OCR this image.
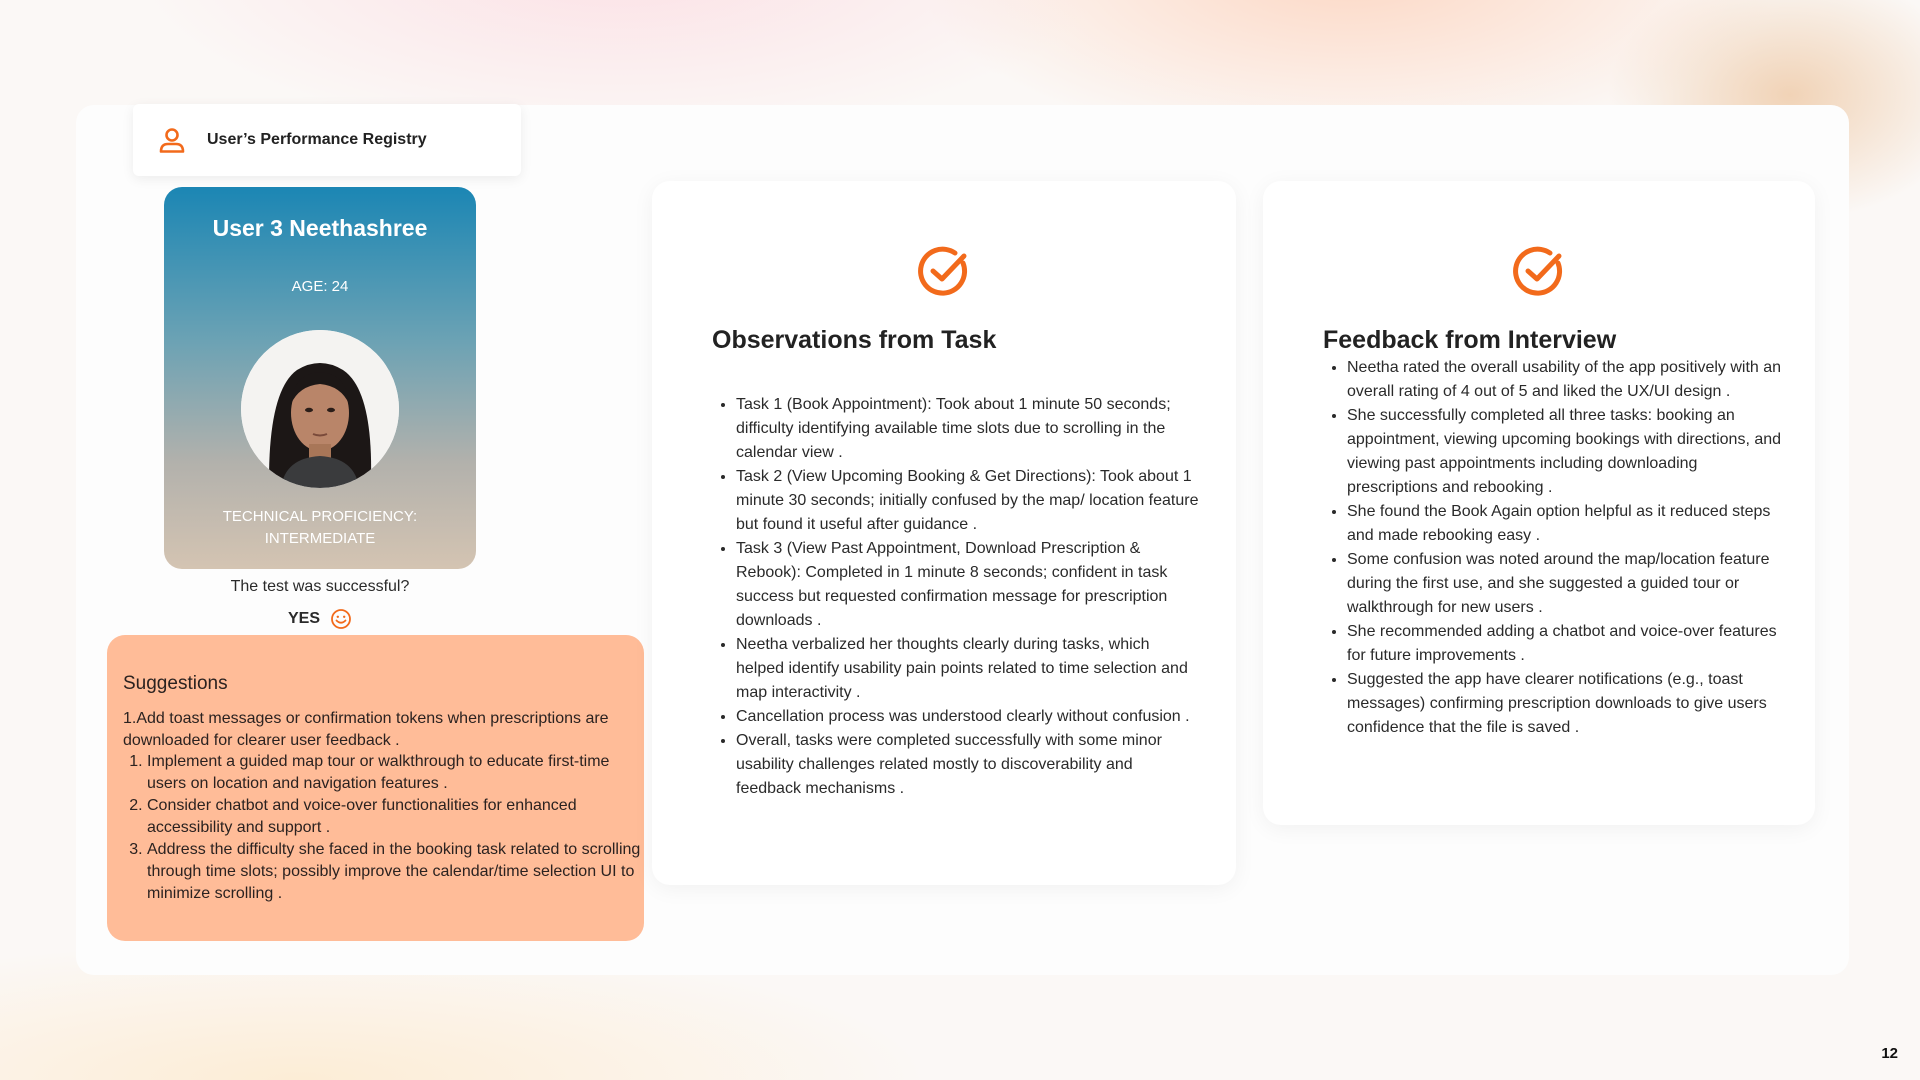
User’s Performance Registry
User 3 Neethashree
AGE: 24
TECHNICAL PROFICIENCY: INTERMEDIATE
The test was successful?
YES
Suggestions
1.Add toast messages or confirmation tokens when prescriptions are downloaded for clearer user feedback .
1. Implement a guided map tour or walkthrough to educate first-time users on location and navigation features .
2. Consider chatbot and voice-over functionalities for enhanced accessibility and support .
3. Address the difficulty she faced in the booking task related to scrolling through time slots; possibly improve the calendar/time selection UI to minimize scrolling .
Observations from Task
• Task 1 (Book Appointment): Took about 1 minute 50 seconds; difficulty identifying available time slots due to scrolling in the calendar view .
• Task 2 (View Upcoming Booking & Get Directions): Took about 1 minute 30 seconds; initially confused by the map/ location feature but found it useful after guidance .
• Task 3 (View Past Appointment, Download Prescription & Rebook): Completed in 1 minute 8 seconds; confident in task success but requested confirmation message for prescription downloads .
• Neetha verbalized her thoughts clearly during tasks, which helped identify usability pain points related to time selection and map interactivity .
• Cancellation process was understood clearly without confusion .
• Overall, tasks were completed successfully with some minor usability challenges related mostly to discoverability and feedback mechanisms .
Feedback from Interview
• Neetha rated the overall usability of the app positively with an overall rating of 4 out of 5 and liked the UX/UI design .
• She successfully completed all three tasks: booking an appointment, viewing upcoming bookings with directions, and viewing past appointments including downloading prescriptions and rebooking .
• She found the Book Again option helpful as it reduced steps and made rebooking easy .
• Some confusion was noted around the map/location feature during the first use, and she suggested a guided tour or walkthrough for new users .
• She recommended adding a chatbot and voice-over features for future improvements .
• Suggested the app have clearer notifications (e.g., toast messages) confirming prescription downloads to give users confidence that the file is saved .
12
